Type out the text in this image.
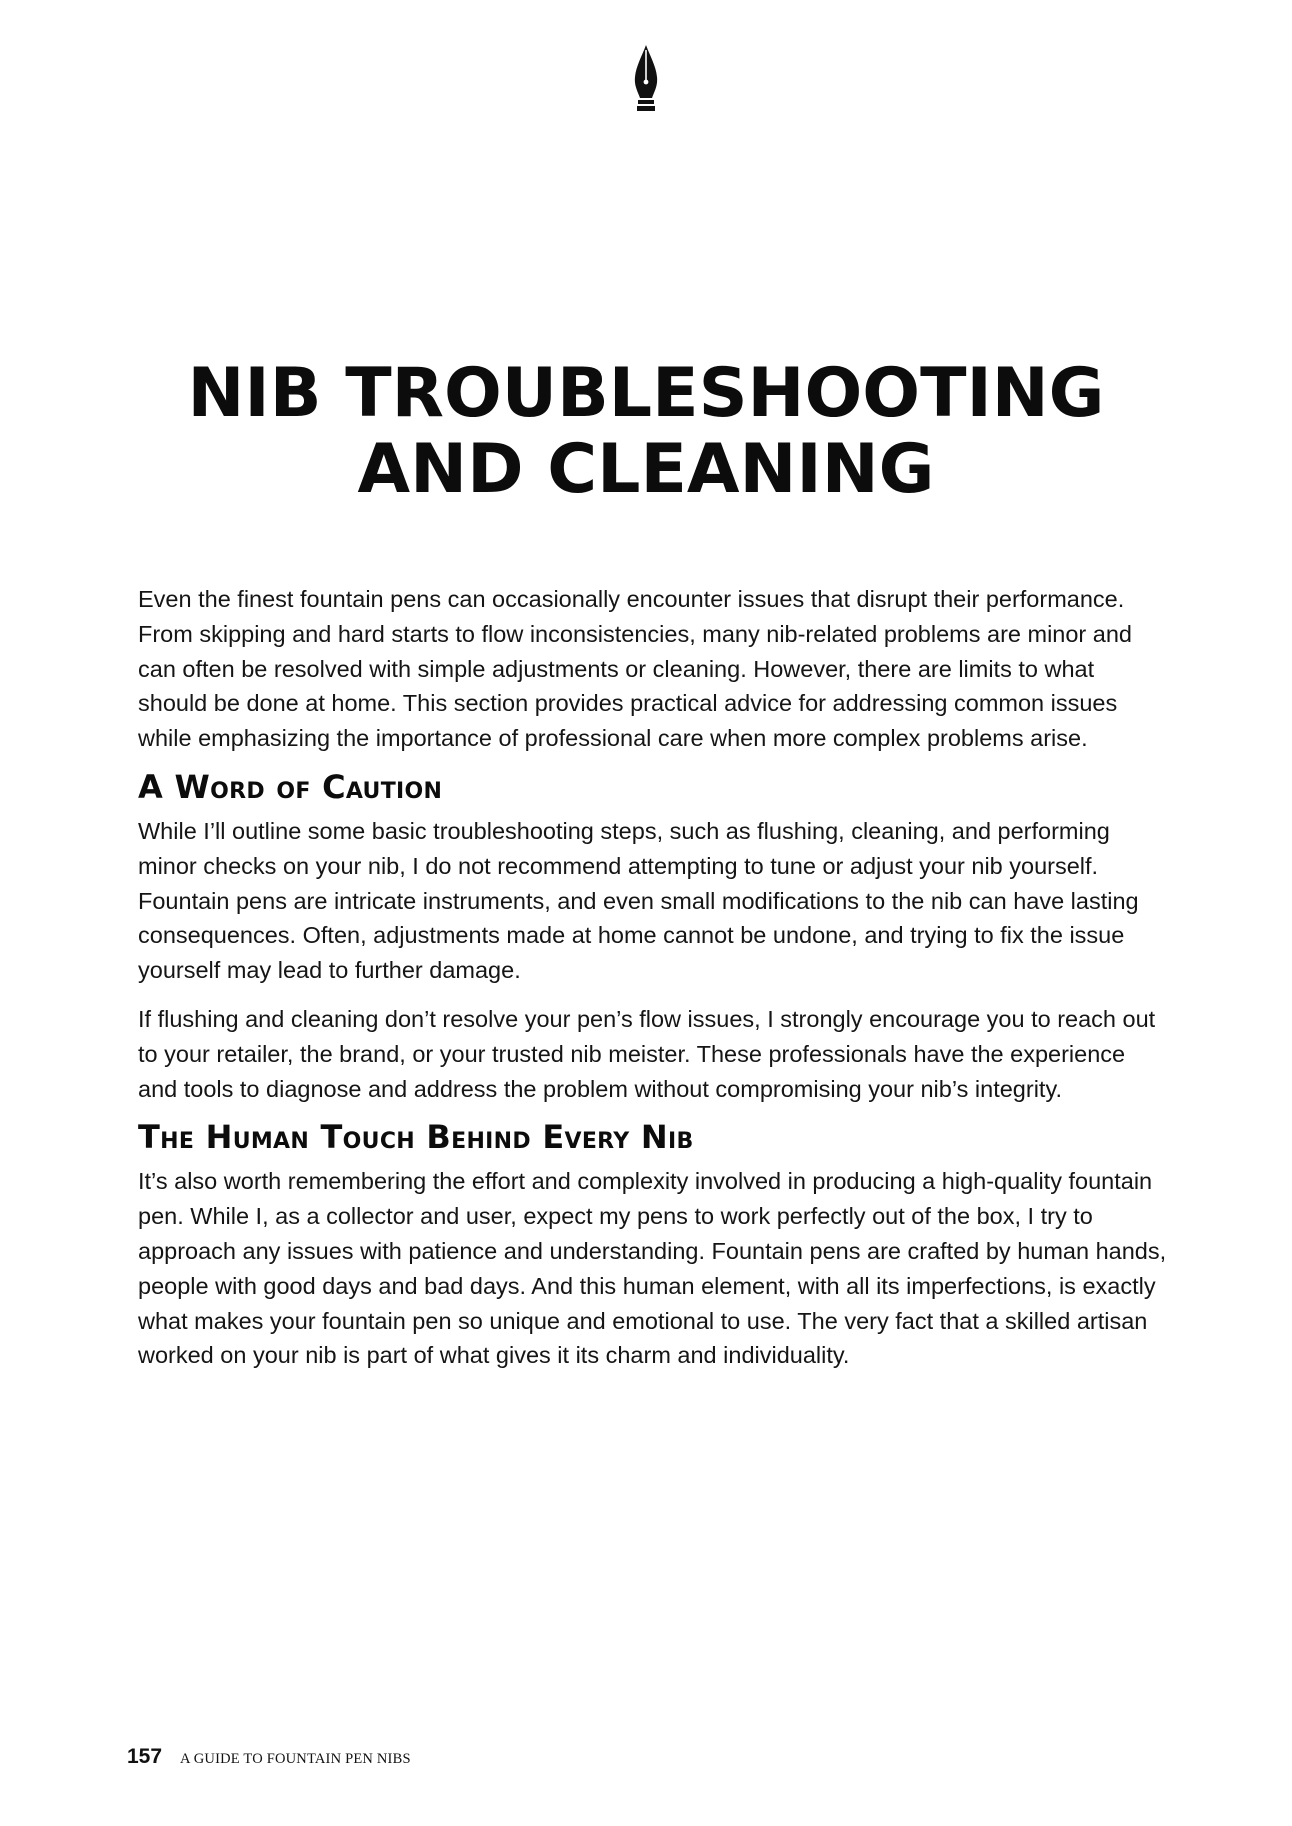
NIB TROUBLESHOOTING
AND CLEANING

Even the finest fountain pens can occasionally encounter issues that disrupt their performance. From skipping and hard starts to flow inconsistencies, many nib-related problems are minor and can often be resolved with simple adjustments or cleaning. However, there are limits to what should be done at home. This section provides practical advice for addressing common issues while emphasizing the importance of professional care when more complex problems arise.

A Word of Caution

While I’ll outline some basic troubleshooting steps, such as flushing, cleaning, and performing minor checks on your nib, I do not recommend attempting to tune or adjust your nib yourself. Fountain pens are intricate instruments, and even small modifications to the nib can have lasting consequences. Often, adjustments made at home cannot be undone, and trying to fix the issue yourself may lead to further damage.

If flushing and cleaning don’t resolve your pen’s flow issues, I strongly encourage you to reach out to your retailer, the brand, or your trusted nib meister. These professionals have the experience and tools to diagnose and address the problem without compromising your nib’s integrity.

The Human Touch Behind Every Nib

It’s also worth remembering the effort and complexity involved in producing a high-quality fountain pen. While I, as a collector and user, expect my pens to work perfectly out of the box, I try to approach any issues with patience and understanding. Fountain pens are crafted by human hands, people with good days and bad days. And this human element, with all its imperfections, is exactly what makes your fountain pen so unique and emotional to use. The very fact that a skilled artisan worked on your nib is part of what gives it its charm and individuality.

157 A GUIDE TO FOUNTAIN PEN NIBS
